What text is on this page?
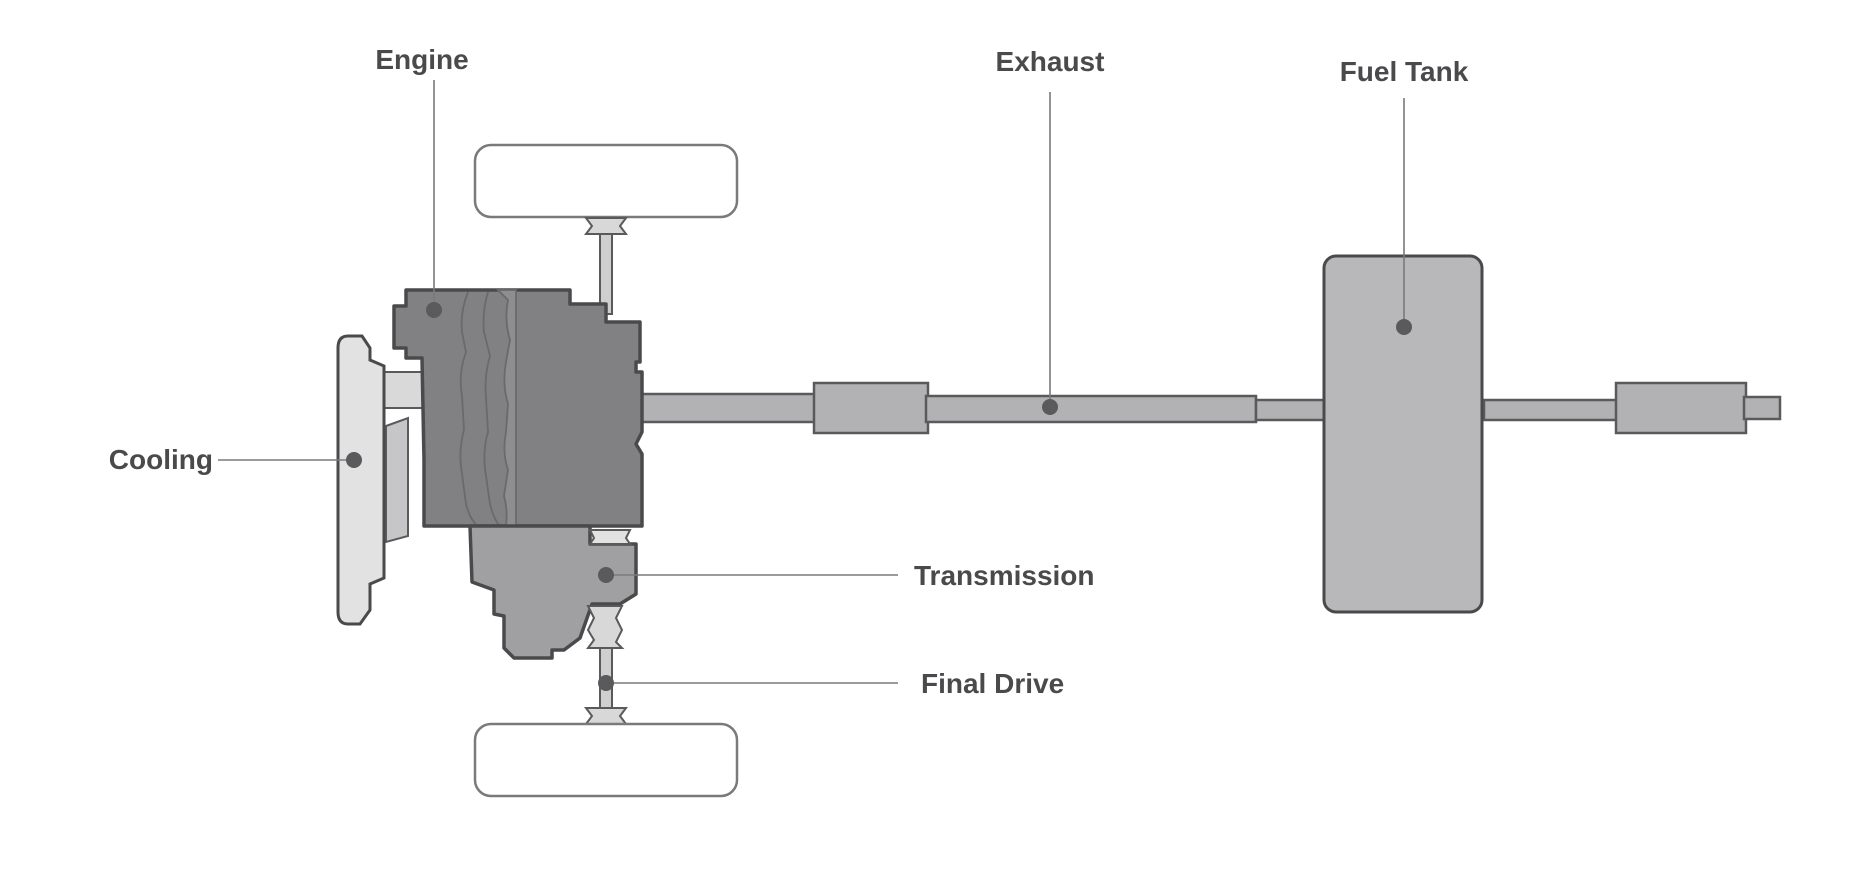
Engine	Exhaust	Fuel Tank
Cooling
Transmission
Final Drive
